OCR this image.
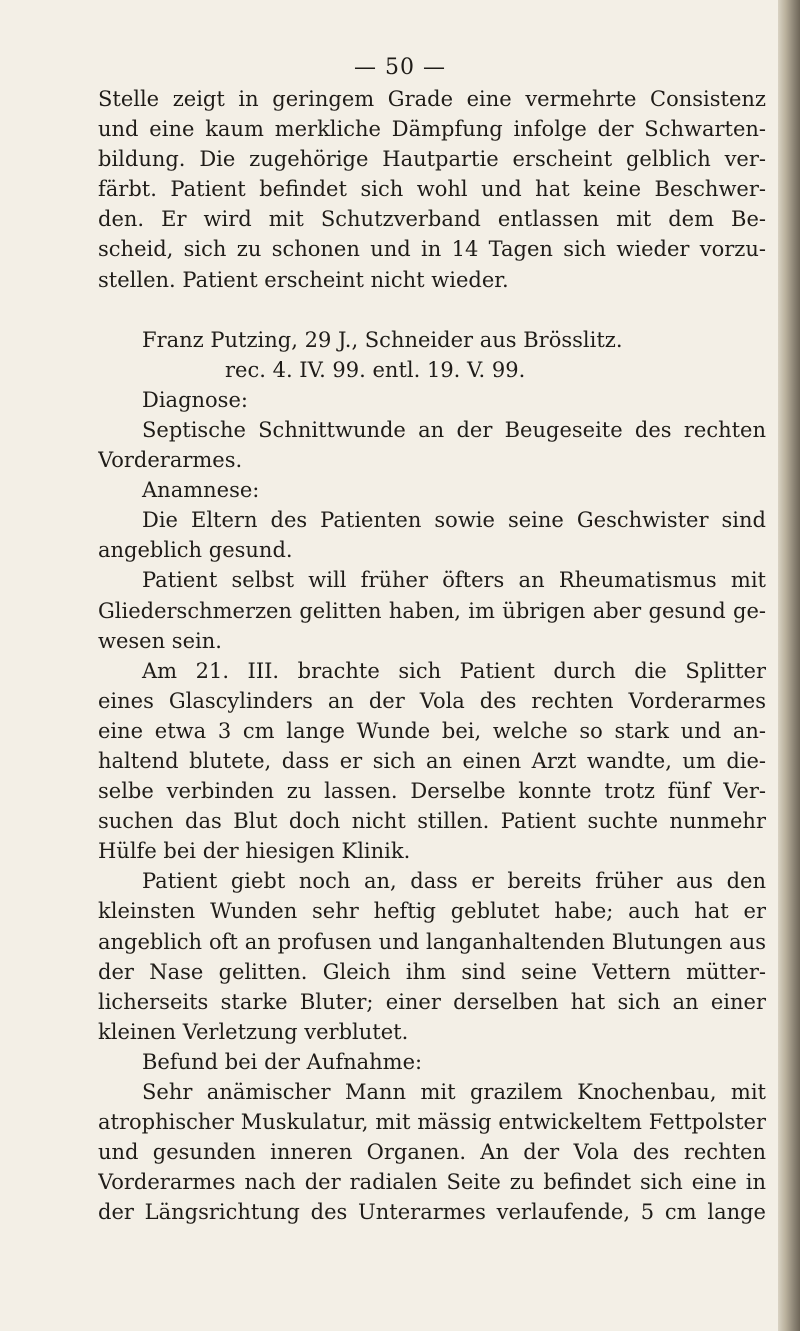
— 50 —
Stelle zeigt in geringem Grade eine vermehrte Consistenz
und eine kaum merkliche Dämpfung infolge der Schwarten-
bildung. Die zugehörige Hautpartie erscheint gelblich ver-
färbt. Patient befindet sich wohl und hat keine Beschwer-
den. Er wird mit Schutzverband entlassen mit dem Be-
scheid, sich zu schonen und in 14 Tagen sich wieder vorzu-
stellen. Patient erscheint nicht wieder.
Franz Putzing, 29 J., Schneider aus Brösslitz.
rec. 4. IV. 99. entl. 19. V. 99.
Diagnose:
Septische Schnittwunde an der Beugeseite des rechten
Vorderarmes.
Anamnese:
Die Eltern des Patienten sowie seine Geschwister sind
angeblich gesund.
Patient selbst will früher öfters an Rheumatismus mit
Gliederschmerzen gelitten haben, im übrigen aber gesund ge-
wesen sein.
Am 21. III. brachte sich Patient durch die Splitter
eines Glascylinders an der Vola des rechten Vorderarmes
eine etwa 3 cm lange Wunde bei, welche so stark und an-
haltend blutete, dass er sich an einen Arzt wandte, um die-
selbe verbinden zu lassen. Derselbe konnte trotz fünf Ver-
suchen das Blut doch nicht stillen. Patient suchte nunmehr
Hülfe bei der hiesigen Klinik.
Patient giebt noch an, dass er bereits früher aus den
kleinsten Wunden sehr heftig geblutet habe; auch hat er
angeblich oft an profusen und langanhaltenden Blutungen aus
der Nase gelitten. Gleich ihm sind seine Vettern mütter-
licherseits starke Bluter; einer derselben hat sich an einer
kleinen Verletzung verblutet.
Befund bei der Aufnahme:
Sehr anämischer Mann mit grazilem Knochenbau, mit
atrophischer Muskulatur, mit mässig entwickeltem Fettpolster
und gesunden inneren Organen. An der Vola des rechten
Vorderarmes nach der radialen Seite zu befindet sich eine in
der Längsrichtung des Unterarmes verlaufende, 5 cm lange
